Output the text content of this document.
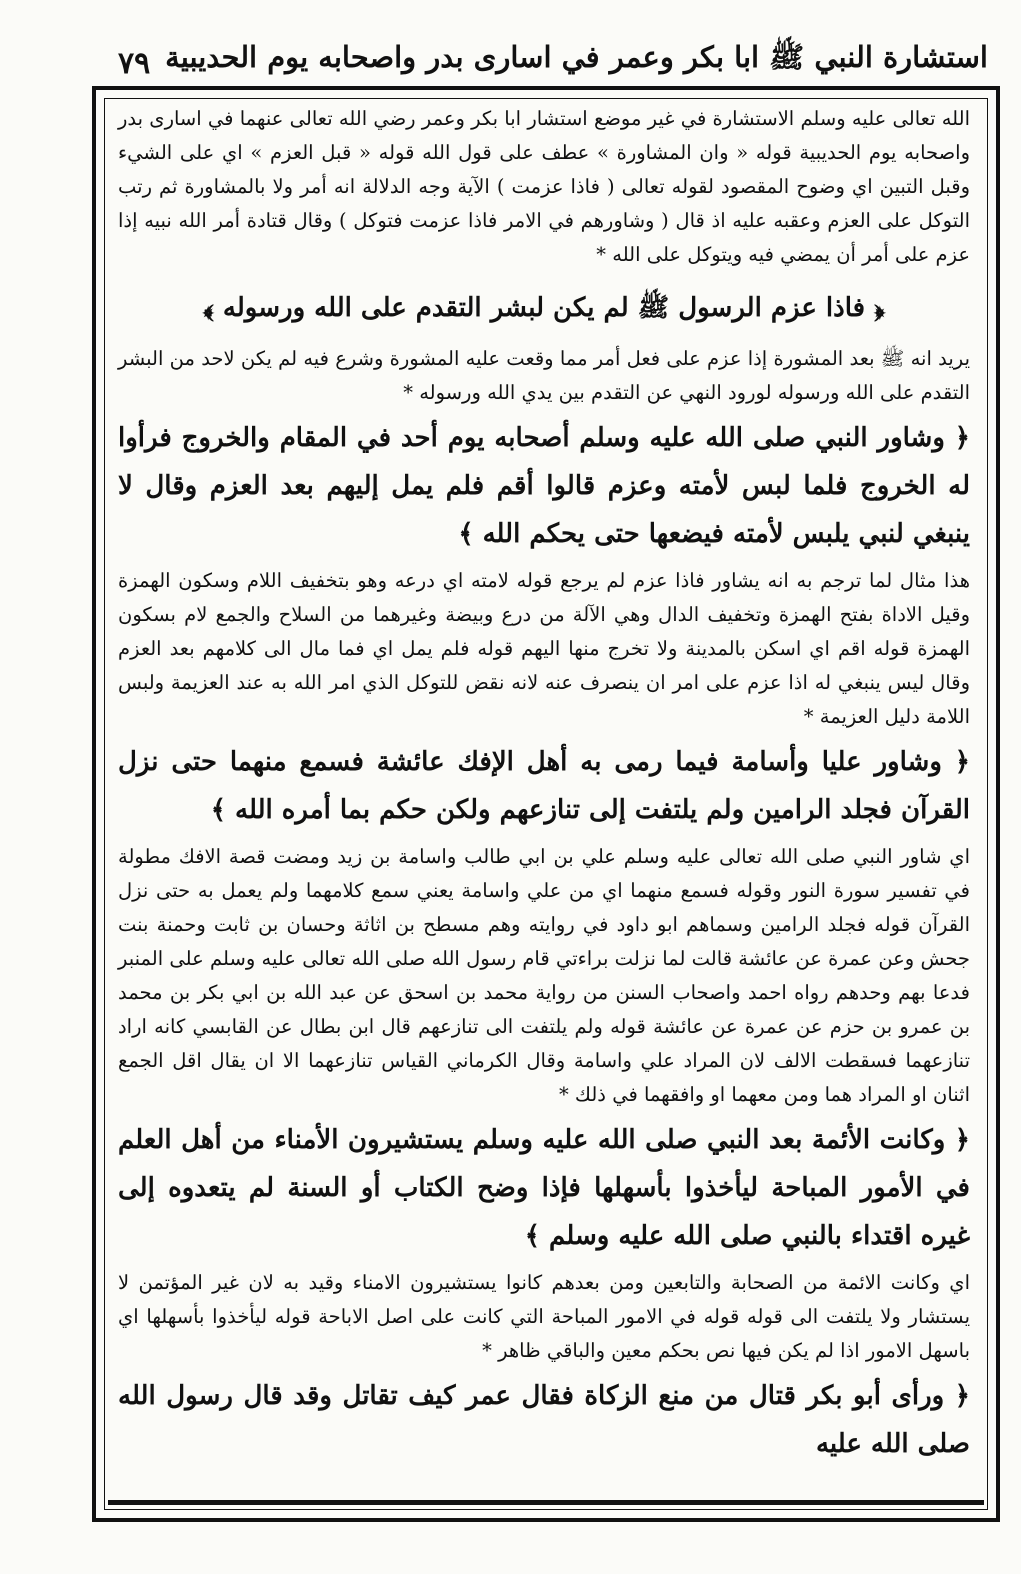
٧٩ استشارة النبي ﷺ ابا بكر وعمر في اسارى بدر واصحابه يوم الحديبية

الله تعالى عليه وسلم الاستشارة في غير موضع استشار ابا بكر وعمر رضي الله تعالى عنهما في اسارى بدر واصحابه يوم الحديبية قوله « وان المشاورة » عطف على قول الله قوله « قبل العزم » اي على الشيء وقبل التبين اي وضوح المقصود لقوله تعالى ( فاذا عزمت ) الآية وجه الدلالة انه أمر ولا بالمشاورة ثم رتب التوكل على العزم وعقبه عليه اذ قال ( وشاورهم في الامر فاذا عزمت فتوكل ) وقال قتادة أمر الله نبيه إذا عزم على أمر أن يمضي فيه ويتوكل على الله *

﴿ فاذا عزم الرسول ﷺ لم يكن لبشر التقدم على الله ورسوله ﴾

يريد انه ﷺ بعد المشورة إذا عزم على فعل أمر مما وقعت عليه المشورة وشرع فيه لم يكن لاحد من البشر التقدم على الله ورسوله لورود النهي عن التقدم بين يدي الله ورسوله *

﴿ وشاور النبي صلى الله عليه وسلم أصحابه يوم أحد في المقام والخروج فرأوا له الخروج فلما لبس لأمته وعزم قالوا أقم فلم يمل إليهم بعد العزم وقال لا ينبغي لنبي يلبس لأمته فيضعها حتى يحكم الله ﴾

هذا مثال لما ترجم به انه يشاور فاذا عزم لم يرجع قوله لامته اي درعه وهو بتخفيف اللام وسكون الهمزة وقيل الاداة بفتح الهمزة وتخفيف الدال وهي الآلة من درع وبيضة وغيرهما من السلاح والجمع لام بسكون الهمزة قوله اقم اي اسكن بالمدينة ولا تخرج منها اليهم قوله فلم يمل اي فما مال الى كلامهم بعد العزم وقال ليس ينبغي له اذا عزم على امر ان ينصرف عنه لانه نقض للتوكل الذي امر الله به عند العزيمة ولبس اللامة دليل العزيمة *

﴿ وشاور عليا وأسامة فيما رمى به أهل الإفك عائشة فسمع منهما حتى نزل القرآن فجلد الرامين ولم يلتفت إلى تنازعهم ولكن حكم بما أمره الله ﴾

اي شاور النبي صلى الله تعالى عليه وسلم علي بن ابي طالب واسامة بن زيد ومضت قصة الافك مطولة في تفسير سورة النور وقوله فسمع منهما اي من علي واسامة يعني سمع كلامهما ولم يعمل به حتى نزل القرآن قوله فجلد الرامين وسماهم ابو داود في روايته وهم مسطح بن اثاثة وحسان بن ثابت وحمنة بنت جحش وعن عمرة عن عائشة قالت لما نزلت براءتي قام رسول الله صلى الله تعالى عليه وسلم على المنبر فدعا بهم وحدهم رواه احمد واصحاب السنن من رواية محمد بن اسحق عن عبد الله بن ابي بكر بن محمد بن عمرو بن حزم عن عمرة عن عائشة قوله ولم يلتفت الى تنازعهم قال ابن بطال عن القابسي كانه اراد تنازعهما فسقطت الالف لان المراد علي واسامة وقال الكرماني القياس تنازعهما الا ان يقال اقل الجمع اثنان او المراد هما ومن معهما او وافقهما في ذلك *

﴿ وكانت الأئمة بعد النبي صلى الله عليه وسلم يستشيرون الأمناء من أهل العلم في الأمور المباحة ليأخذوا بأسهلها فإذا وضح الكتاب أو السنة لم يتعدوه إلى غيره اقتداء بالنبي صلى الله عليه وسلم ﴾

اي وكانت الائمة من الصحابة والتابعين ومن بعدهم كانوا يستشيرون الامناء وقيد به لان غير المؤتمن لا يستشار ولا يلتفت الى قوله قوله في الامور المباحة التي كانت على اصل الاباحة قوله ليأخذوا بأسهلها اي باسهل الامور اذا لم يكن فيها نص بحكم معين والباقي ظاهر *

﴿ ورأى أبو بكر قتال من منع الزكاة فقال عمر كيف تقاتل وقد قال رسول الله صلى الله عليه
